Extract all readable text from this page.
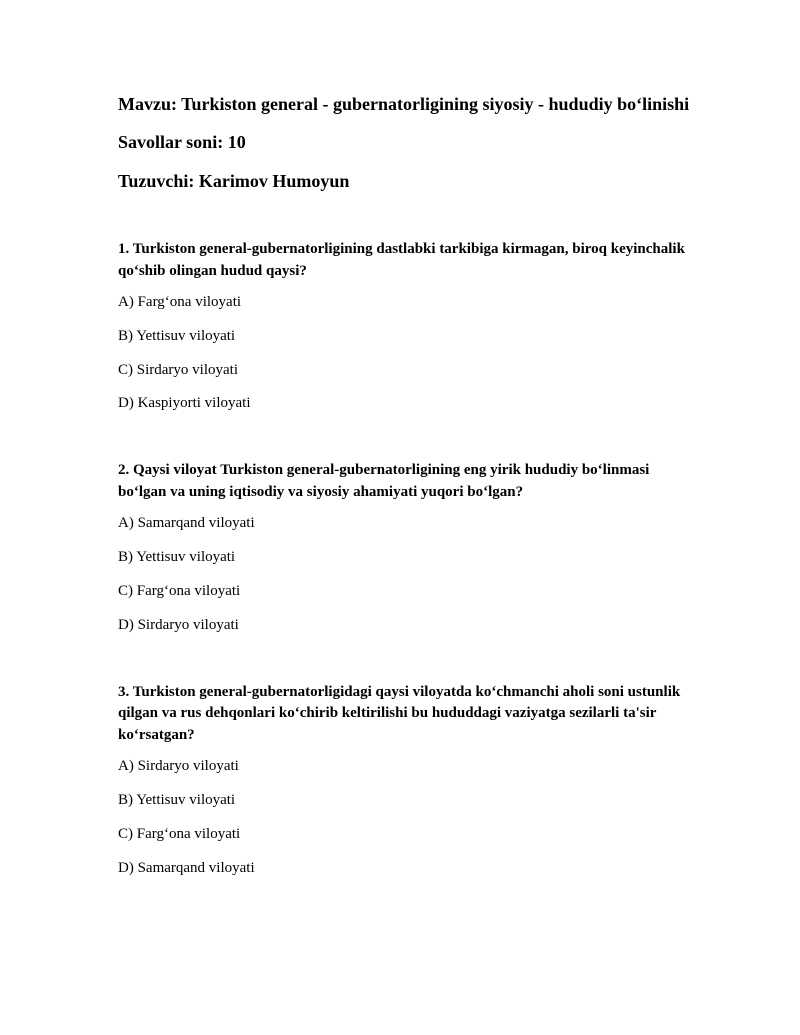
Mavzu: Turkiston general - gubernatorligining siyosiy - hududiy bo‘linishi

Savollar soni: 10

Tuzuvchi: Karimov Humoyun

1. Turkiston general-gubernatorligining dastlabki tarkibiga kirmagan, biroq keyinchalik qo‘shib olingan hudud qaysi?

A) Farg‘ona viloyati
B) Yettisuv viloyati
C) Sirdaryo viloyati
D) Kaspiyorti viloyati

2. Qaysi viloyat Turkiston general-gubernatorligining eng yirik hududiy bo‘linmasi bo‘lgan va uning iqtisodiy va siyosiy ahamiyati yuqori bo‘lgan?

A) Samarqand viloyati
B) Yettisuv viloyati
C) Farg‘ona viloyati
D) Sirdaryo viloyati

3. Turkiston general-gubernatorligidagi qaysi viloyatda ko‘chmanchi aholi soni ustunlik qilgan va rus dehqonlari ko‘chirib keltirilishi bu hududdagi vaziyatga sezilarli ta'sir ko‘rsatgan?

A) Sirdaryo viloyati
B) Yettisuv viloyati
C) Farg‘ona viloyati
D) Samarqand viloyati
